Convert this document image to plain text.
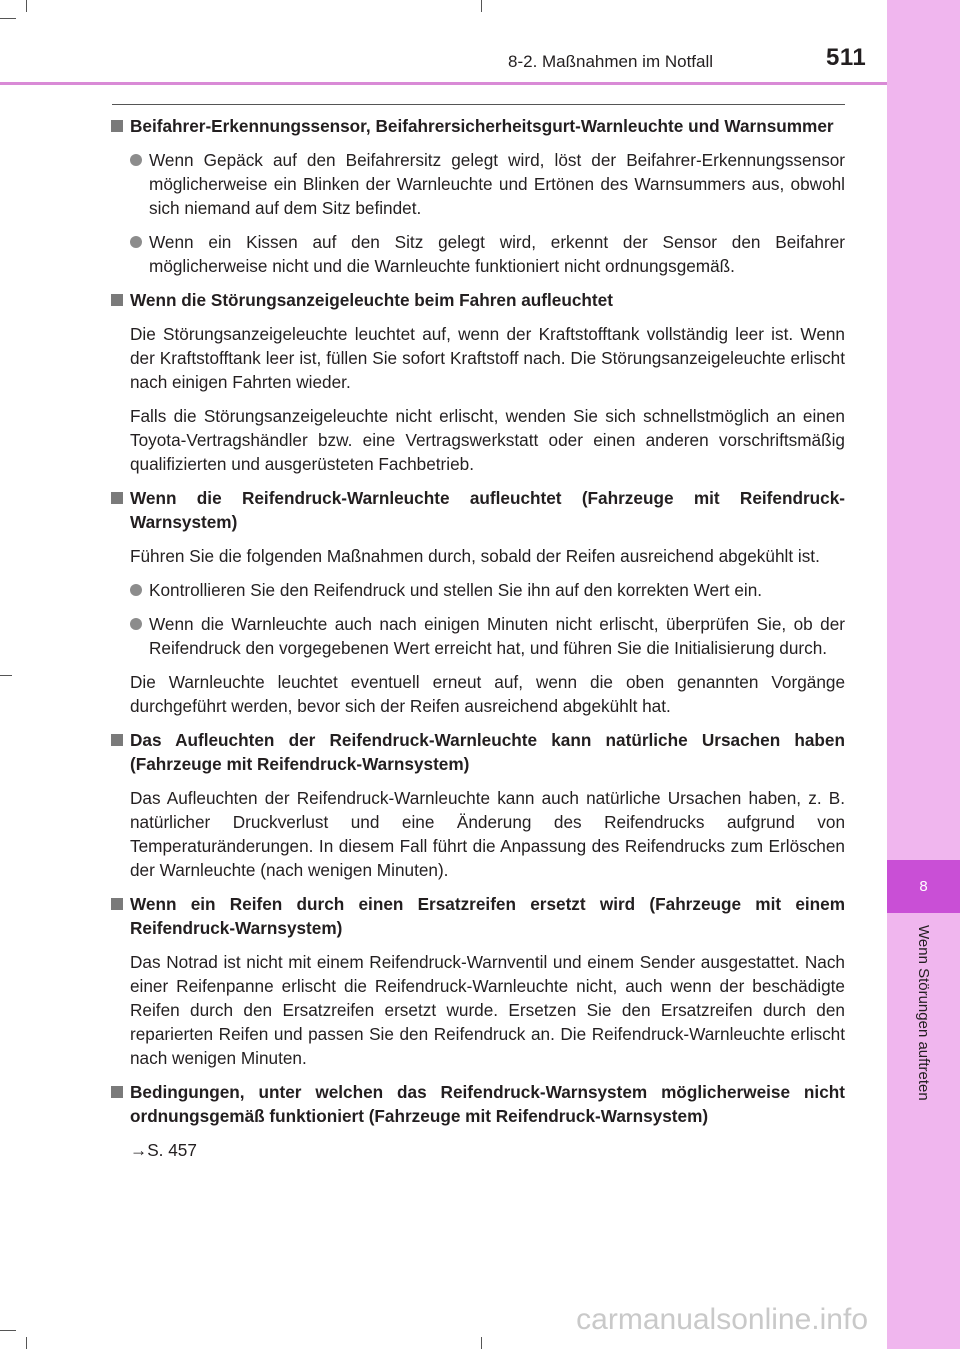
8
Wenn Störungen auftreten
8-2. Maßnahmen im Notfall	511
Beifahrer-Erkennungssensor, Beifahrersicherheitsgurt-Warnleuchte und Warnsummer
Wenn Gepäck auf den Beifahrersitz gelegt wird, löst der Beifahrer-Erkennungssensor möglicherweise ein Blinken der Warnleuchte und Ertönen des Warnsummers aus, obwohl sich niemand auf dem Sitz befindet.
Wenn ein Kissen auf den Sitz gelegt wird, erkennt der Sensor den Beifahrer möglicherweise nicht und die Warnleuchte funktioniert nicht ordnungsgemäß.
Wenn die Störungsanzeigeleuchte beim Fahren aufleuchtet
Die Störungsanzeigeleuchte leuchtet auf, wenn der Kraftstofftank vollständig leer ist. Wenn der Kraftstofftank leer ist, füllen Sie sofort Kraftstoff nach. Die Störungsanzeigeleuchte erlischt nach einigen Fahrten wieder.
Falls die Störungsanzeigeleuchte nicht erlischt, wenden Sie sich schnellstmöglich an einen Toyota-Vertragshändler bzw. eine Vertragswerkstatt oder einen anderen vorschriftsmäßig qualifizierten und ausgerüsteten Fachbetrieb.
Wenn die Reifendruck-Warnleuchte aufleuchtet (Fahrzeuge mit Reifendruck-Warnsystem)
Führen Sie die folgenden Maßnahmen durch, sobald der Reifen ausreichend abgekühlt ist.
Kontrollieren Sie den Reifendruck und stellen Sie ihn auf den korrekten Wert ein.
Wenn die Warnleuchte auch nach einigen Minuten nicht erlischt, überprüfen Sie, ob der Reifendruck den vorgegebenen Wert erreicht hat, und führen Sie die Initialisierung durch.
Die Warnleuchte leuchtet eventuell erneut auf, wenn die oben genannten Vorgänge durchgeführt werden, bevor sich der Reifen ausreichend abgekühlt hat.
Das Aufleuchten der Reifendruck-Warnleuchte kann natürliche Ursachen haben (Fahrzeuge mit Reifendruck-Warnsystem)
Das Aufleuchten der Reifendruck-Warnleuchte kann auch natürliche Ursachen haben, z. B. natürlicher Druckverlust und eine Änderung des Reifendrucks aufgrund von Temperaturänderungen. In diesem Fall führt die Anpassung des Reifendrucks zum Erlöschen der Warnleuchte (nach wenigen Minuten).
Wenn ein Reifen durch einen Ersatzreifen ersetzt wird (Fahrzeuge mit einem Reifendruck-Warnsystem)
Das Notrad ist nicht mit einem Reifendruck-Warnventil und einem Sender ausgestattet. Nach einer Reifenpanne erlischt die Reifendruck-Warnleuchte nicht, auch wenn der beschädigte Reifen durch den Ersatzreifen ersetzt wurde. Ersetzen Sie den Ersatzreifen durch den reparierten Reifen und passen Sie den Reifendruck an. Die Reifendruck-Warnleuchte erlischt nach wenigen Minuten.
Bedingungen, unter welchen das Reifendruck-Warnsystem möglicherweise nicht ordnungsgemäß funktioniert (Fahrzeuge mit Reifendruck-Warnsystem)
→S. 457
carmanualsonline.info
